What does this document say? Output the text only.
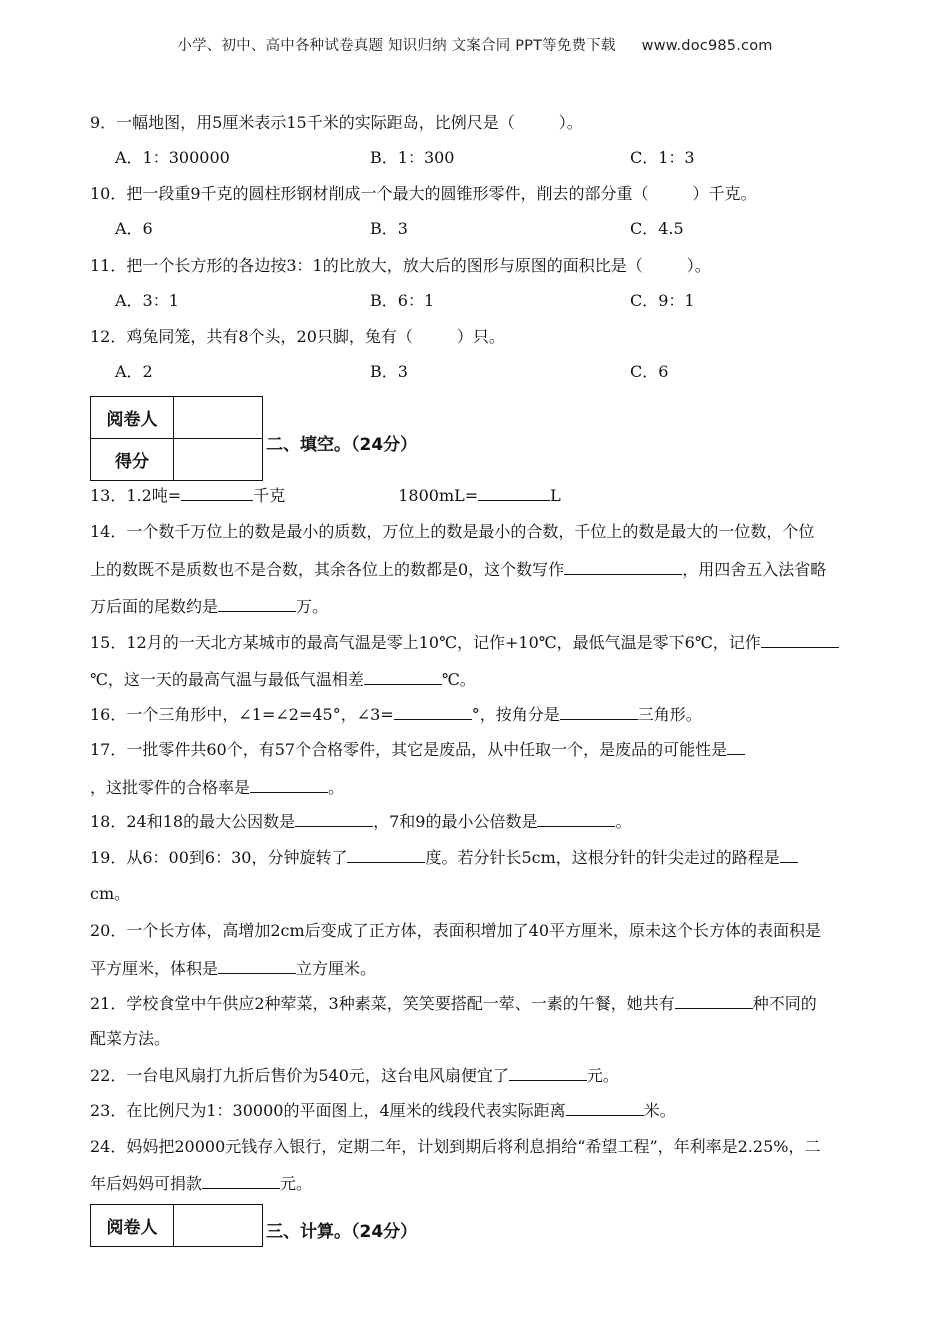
小学、初中、高中各种试卷真题 知识归纳 文案合同 PPT等免费下载 www.doc985.com
9．一幅地图，用5厘米表示15千米的实际距岛，比例尺是（	）。
A．1：300000	B．1：300	C．1：3
10．把一段重9千克的圆柱形钢材削成一个最大的圆锥形零件，削去的部分重（	）千克。
A．6	B．3	C．4.5
11．把一个长方形的各边按3：1的比放大，放大后的图形与原图的面积比是（	）。
A．3：1	B．6：1	C．9：1
12．鸡兔同笼，共有8个头，20只脚，兔有（	）只。
A．2	B．3	C．6
阅卷人	
得分	
二、填空。（24分）
13．1.2吨=	千克	1800mL=	L
14．一个数千万位上的数是最小的质数，万位上的数是最小的合数，千位上的数是最大的一位数，个位
上的数既不是质数也不是合数，其余各位上的数都是0，这个数写作	，用四舍五入法省略
万后面的尾数约是	万。
15．12月的一天北方某城市的最高气温是零上10℃，记作+10℃，最低气温是零下6℃，记作
℃，这一天的最高气温与最低气温相差	℃。
16．一个三角形中，∠1=∠2=45°，∠3=	°，按角分是	三角形。
17．一批零件共60个，有57个合格零件，其它是废品，从中任取一个，是废品的可能性是
，这批零件的合格率是	。
18．24和18的最大公因数是	，7和9的最小公倍数是	。
19．从6：00到6：30，分钟旋转了	度。若分针长5cm，这根分针的针尖走过的路程是
cm。
20．一个长方体，高增加2cm后变成了正方体，表面积增加了40平方厘米，原未这个长方体的表面积是
平方厘米，体积是	立方厘米。
21．学校食堂中午供应2种荤菜，3种素菜，笑笑要搭配一荤、一素的午餐，她共有	种不同的
配菜方法。
22．一台电风扇打九折后售价为540元，这台电风扇便宜了	元。
23．在比例尺为1：30000的平面图上，4厘米的线段代表实际距离	米。
24．妈妈把20000元钱存入银行，定期二年，计划到期后将利息捐给“希望工程”，年利率是2.25%，二
年后妈妈可捐款	元。
阅卷人		三、计算。（24分）
